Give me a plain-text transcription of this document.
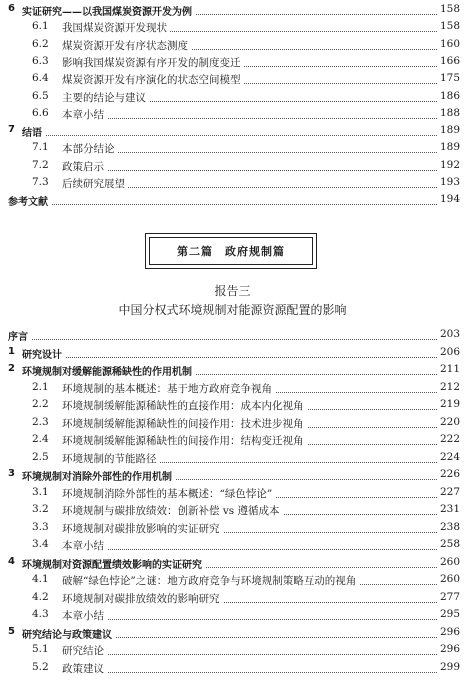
6 实证研究——以我国煤炭资源开发为例	158
6.1 我国煤炭资源开发现状	158
6.2 煤炭资源开发有序状态测度	160
6.3 影响我国煤炭资源有序开发的制度变迁	166
6.4 煤炭资源开发有序演化的状态空间模型	175
6.5 主要的结论与建议	186
6.6 本章小结	188
7 结语	189
7.1 本部分结论	189
7.2 政策启示	192
7.3 后续研究展望	193
参考文献	194
第二篇　政府规制篇
报告三
中国分权式环境规制对能源资源配置的影响
序言	203
1 研究设计	206
2 环境规制对缓解能源稀缺性的作用机制	211
2.1 环境规制的基本概述：基于地方政府竞争视角	212
2.2 环境规制缓解能源稀缺性的直接作用：成本内化视角	219
2.3 环境规制缓解能源稀缺性的间接作用：技术进步视角	220
2.4 环境规制缓解能源稀缺性的间接作用：结构变迁视角	222
2.5 环境规制的节能路径	224
3 环境规制对消除外部性的作用机制	226
3.1 环境规制消除外部性的基本概述：“绿色悖论”	227
3.2 环境规制与碳排放绩效：创新补偿 vs 遵循成本	231
3.3 环境规制对碳排放影响的实证研究	238
3.4 本章小结	258
4 环境规制对资源配置绩效影响的实证研究	260
4.1 破解“绿色悖论”之谜：地方政府竞争与环境规制策略互动的视角	260
4.2 环境规制对碳排放绩效的影响研究	277
4.3 本章小结	295
5 研究结论与政策建议	296
5.1 研究结论	296
5.2 政策建议	299
